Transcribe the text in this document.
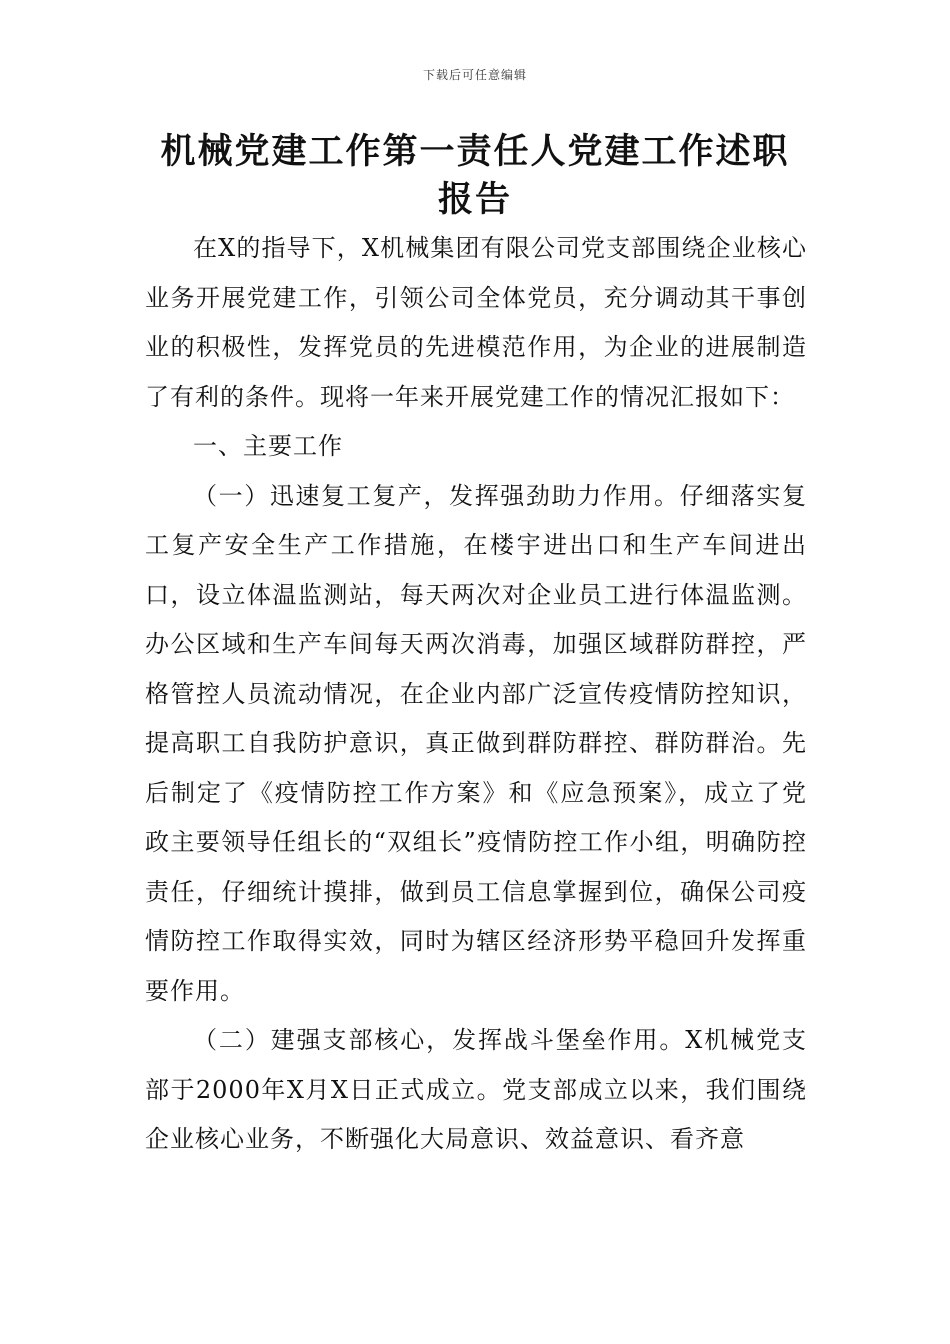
下载后可任意编辑
机械党建工作第一责任人党建工作述职报告

在X的指导下，X机械集团有限公司党支部围绕企业核心业务开展党建工作，引领公司全体党员，充分调动其干事创业的积极性，发挥党员的先进模范作用，为企业的进展制造了有利的条件。现将一年来开展党建工作的情况汇报如下：

一、主要工作

（一）迅速复工复产，发挥强劲助力作用。仔细落实复工复产安全生产工作措施，在楼宇进出口和生产车间进出口，设立体温监测站，每天两次对企业员工进行体温监测。办公区域和生产车间每天两次消毒，加强区域群防群控，严格管控人员流动情况，在企业内部广泛宣传疫情防控知识，提高职工自我防护意识，真正做到群防群控、群防群治。先后制定了《疫情防控工作方案》和《应急预案》，成立了党政主要领导任组长的“双组长”疫情防控工作小组，明确防控责任，仔细统计摸排，做到员工信息掌握到位，确保公司疫情防控工作取得实效，同时为辖区经济形势平稳回升发挥重要作用。

（二）建强支部核心，发挥战斗堡垒作用。X机械党支部于2000年X月X日正式成立。党支部成立以来，我们围绕企业核心业务，不断强化大局意识、效益意识、看齐意
